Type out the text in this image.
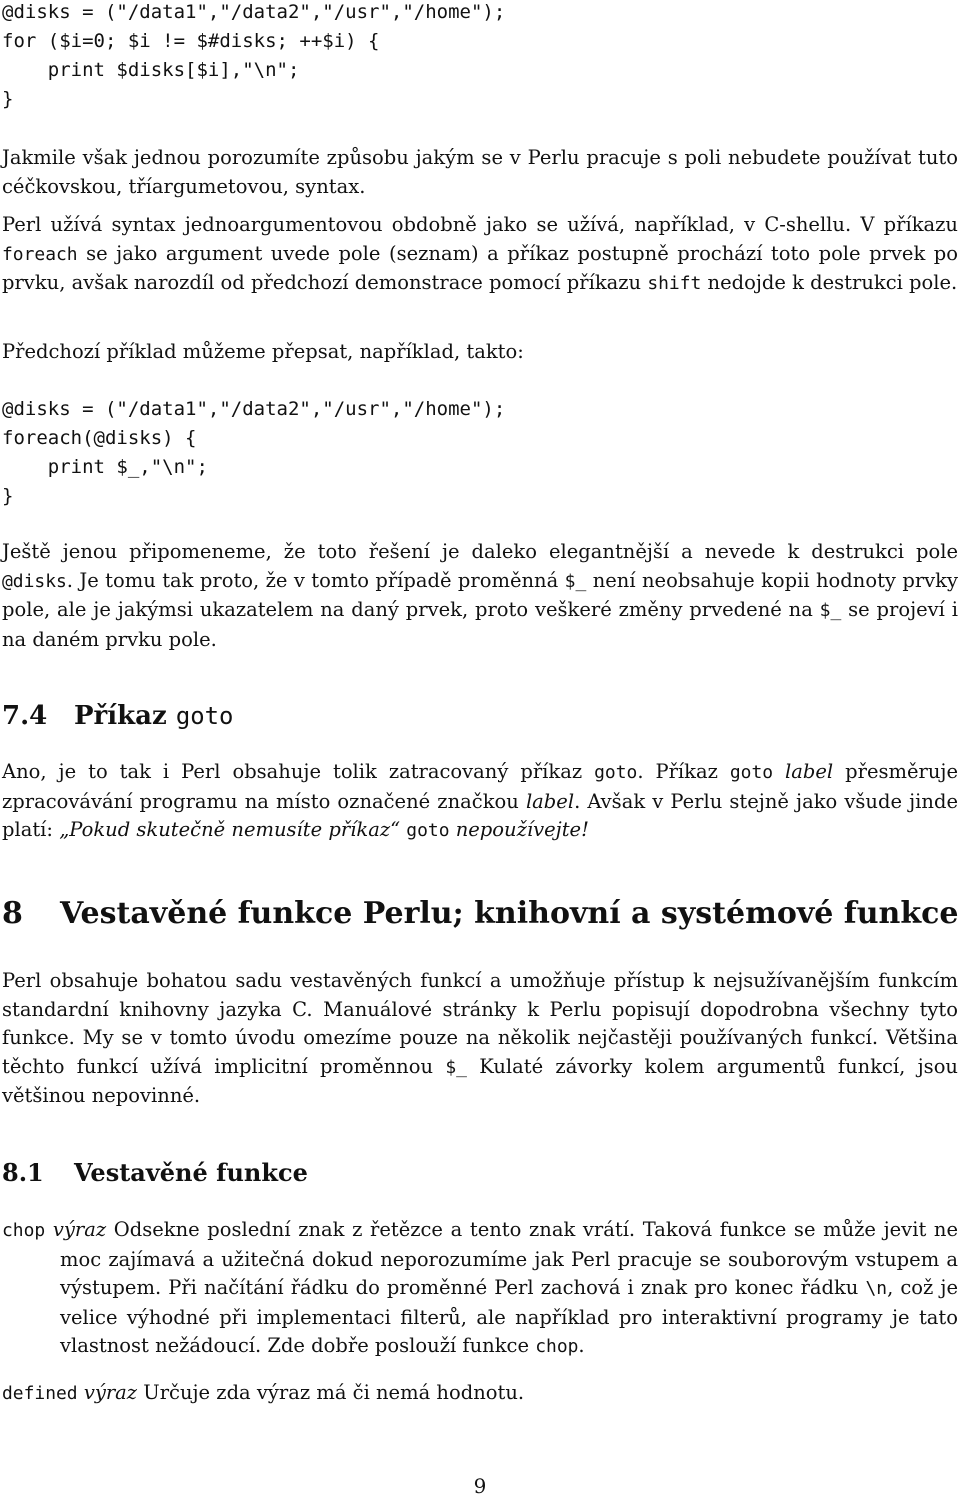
@disks = ("/data1","/data2","/usr","/home");
for ($i=0; $i != $#disks; ++$i) {
print $disks[$i],"\n";
}

Jakmile však jednou porozumíte způsobu jakým se v Perlu pracuje s poli nebudete používat tuto céčkovskou, tříargumetovou, syntax.

Perl užívá syntax jednoargumentovou obdobně jako se užívá, například, v C-shellu. V příkazu foreach se jako argument uvede pole (seznam) a příkaz postupně prochází toto pole prvek po prvku, avšak narozdíl od předchozí demonstrace pomocí příkazu shift nedojde k destrukci pole.

Předchozí příklad můžeme přepsat, například, takto:

@disks = ("/data1","/data2","/usr","/home");
foreach(@disks) {
print $_,"\n";
}

Ještě jenou připomeneme, že toto řešení je daleko elegantnější a nevede k destrukci pole @disks. Je tomu tak proto, že v tomto případě proměnná $_ není neobsahuje kopii hodnoty prvky pole, ale je jakýmsi ukazatelem na daný prvek, proto veškeré změny prvedené na $_ se projeví i na daném prvku pole.

7.4 Příkaz goto

Ano, je to tak i Perl obsahuje tolik zatracovaný příkaz goto. Příkaz goto label přesměruje zpracovávání programu na místo označené značkou label. Avšak v Perlu stejně jako všude jinde platí: „Pokud skutečně nemusíte příkaz“ goto nepoužívejte!

8 Vestavěné funkce Perlu; knihovní a systémové funkce

Perl obsahuje bohatou sadu vestavěných funkcí a umožňuje přístup k nejsužívanějším funkcím standardní knihovny jazyka C. Manuálové stránky k Perlu popisují dopodrobna všechny tyto funkce. My se v tomto úvodu omezíme pouze na několik nejčastěji používaných funkcí. Většina těchto funkcí užívá implicitní proměnnou $_ Kulaté závorky kolem argumentů funkcí, jsou většinou nepovinné.

8.1 Vestavěné funkce

chop výraz Odsekne poslední znak z řetězce a tento znak vrátí. Taková funkce se může jevit ne moc zajímavá a užitečná dokud neporozumíme jak Perl pracuje se souborovým vstupem a výstupem. Při načítání řádku do proměnné Perl zachová i znak pro konec řádku \n, což je velice výhodné při implementaci filterů, ale například pro interaktivní programy je tato vlastnost nežádoucí. Zde dobře poslouží funkce chop.

defined výraz Určuje zda výraz má či nemá hodnotu.

9
